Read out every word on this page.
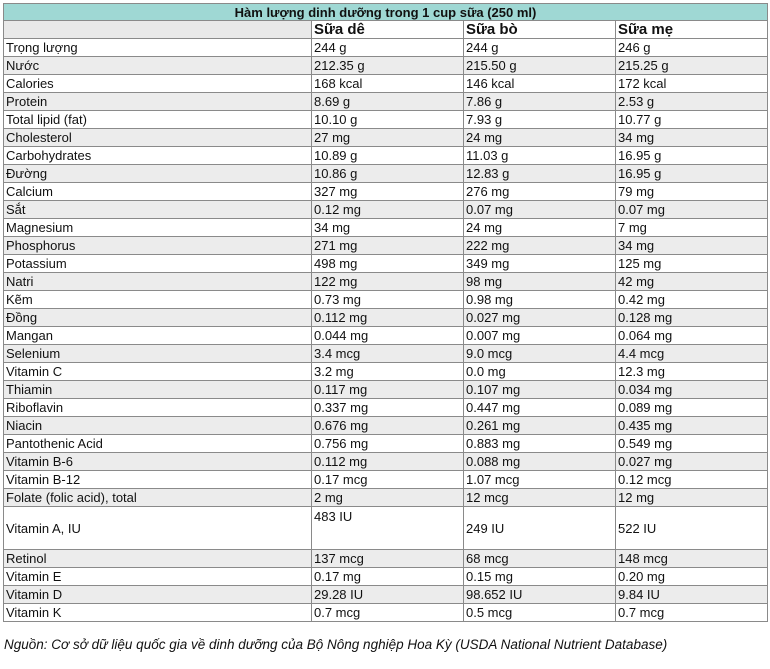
Hàm lượng dinh dưỡng trong 1 cup sữa (250 ml)			
	Sữa dê	Sữa bò	Sữa mẹ
Trọng lượng	244 g	244 g	246 g
Nước	212.35 g	215.50 g	215.25 g
Calories	168 kcal	146 kcal	172 kcal
Protein	8.69 g	7.86 g	2.53 g
Total lipid (fat)	10.10 g	7.93 g	10.77 g
Cholesterol	27 mg	24 mg	34 mg
Carbohydrates	10.89 g	11.03 g	16.95 g
Đường	10.86 g	12.83 g	16.95 g
Calcium	327 mg	276 mg	79 mg
Sắt	0.12 mg	0.07 mg	0.07 mg
Magnesium	34 mg	24 mg	7 mg
Phosphorus	271 mg	222 mg	34 mg
Potassium	498 mg	349 mg	125 mg
Natri	122 mg	98 mg	42 mg
Kẽm	0.73 mg	0.98 mg	0.42 mg
Đồng	0.112 mg	0.027 mg	0.128 mg
Mangan	0.044 mg	0.007 mg	0.064 mg
Selenium	3.4 mcg	9.0 mcg	4.4 mcg
Vitamin C	3.2 mg	0.0 mg	12.3 mg
Thiamin	0.117 mg	0.107 mg	0.034 mg
Riboflavin	0.337 mg	0.447 mg	0.089 mg
Niacin	0.676 mg	0.261 mg	0.435 mg
Pantothenic Acid	0.756 mg	0.883 mg	0.549 mg
Vitamin B-6	0.112 mg	0.088 mg	0.027 mg
Vitamin B-12	0.17 mcg	1.07 mcg	0.12 mcg
Folate (folic acid), total	2 mg	12 mcg	12 mg
Vitamin A, IU	483 IU	249 IU	522 IU
Retinol	137 mcg	68 mcg	148 mcg
Vitamin E	0.17 mg	0.15 mg	0.20 mg
Vitamin D	29.28 IU	98.652 IU	9.84 IU
Vitamin K	0.7 mcg	0.5 mcg	0.7 mcg
Nguồn: Cơ sở dữ liệu quốc gia về dinh dưỡng của Bộ Nông nghiệp Hoa Kỳ (USDA National Nutrient Database)
